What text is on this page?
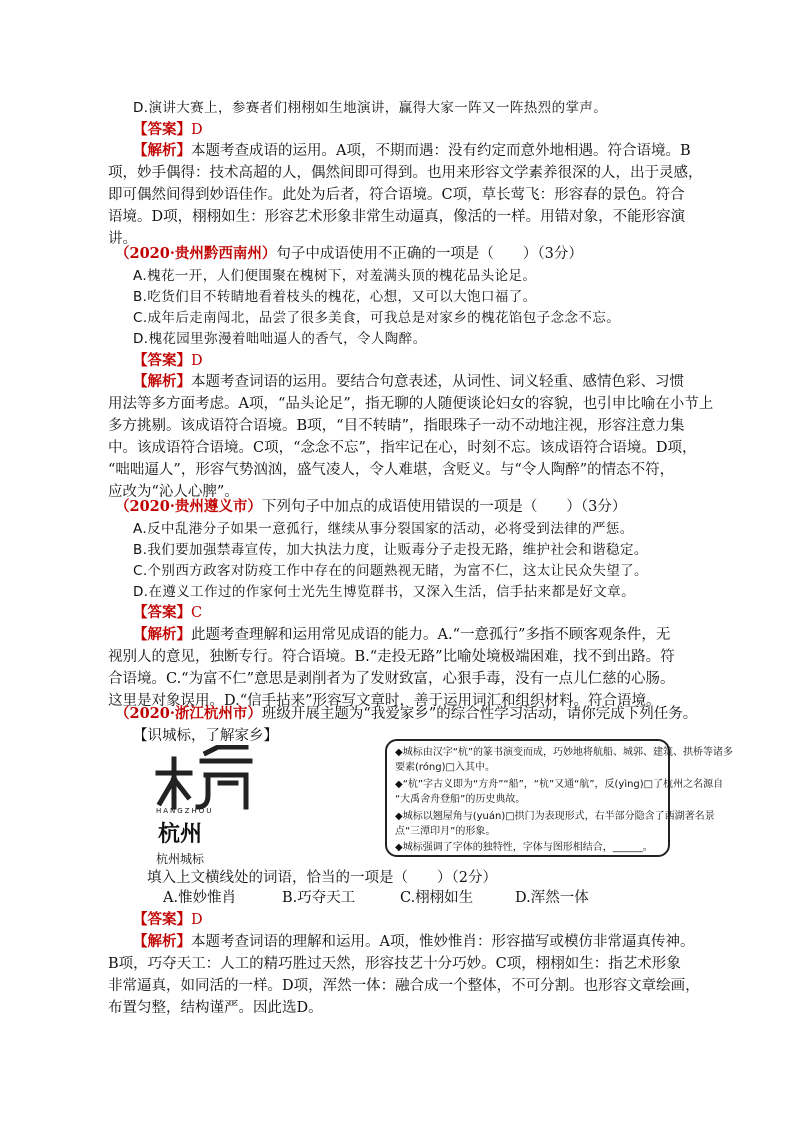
D.演讲大赛上，参赛者们栩栩如生地演讲，赢得大家一阵又一阵热烈的掌声。
【答案】D
【解析】本题考查成语的运用。A项，不期而遇：没有约定而意外地相遇。符合语境。B
项，妙手偶得：技术高超的人，偶然间即可得到。也用来形容文学素养很深的人，出于灵感，
即可偶然间得到妙语佳作。此处为后者，符合语境。C项，草长莺飞：形容春的景色。符合
语境。D项，栩栩如生：形容艺术形象非常生动逼真，像活的一样。用错对象，不能形容演
讲。
（2020·贵州黔西南州）句子中成语使用不正确的一项是（　　）（3分）
A.槐花一开，人们便围聚在槐树下，对羞满头顶的槐花品头论足。
B.吃货们目不转睛地看着枝头的槐花，心想，又可以大饱口福了。
C.成年后走南闯北，品尝了很多美食，可我总是对家乡的槐花馅包子念念不忘。
D.槐花园里弥漫着咄咄逼人的香气，令人陶醉。
【答案】D
【解析】本题考查词语的运用。要结合句意表述，从词性、词义轻重、感情色彩、习惯
用法等多方面考虑。A项，“品头论足”，指无聊的人随便谈论妇女的容貌，也引申比喻在小节上
多方挑剔。该成语符合语境。B项，“目不转睛”，指眼珠子一动不动地注视，形容注意力集
中。该成语符合语境。C项，“念念不忘”，指牢记在心，时刻不忘。该成语符合语境。D项，
“咄咄逼人”，形容气势汹汹，盛气凌人，令人难堪，含贬义。与“令人陶醉”的情态不符，
应改为“沁人心脾”。
（2020·贵州遵义市）下列句子中加点的成语使用错误的一项是（　　）（3分）
A.反中乱港分子如果一意孤行，继续从事分裂国家的活动，必将受到法律的严惩。
B.我们要加强禁毒宣传，加大执法力度，让贩毒分子走投无路，维护社会和谐稳定。
C.个别西方政客对防疫工作中存在的问题熟视无睹，为富不仁，这太让民众失望了。
D.在遵义工作过的作家何士光先生博览群书，又深入生活，信手拈来都是好文章。
【答案】C
【解析】此题考查理解和运用常见成语的能力。A.“一意孤行”多指不顾客观条件，无
视别人的意见，独断专行。符合语境。B.“走投无路”比喻处境极端困难，找不到出路。符
合语境。C.“为富不仁”意思是剥削者为了发财致富，心狠手毒，没有一点儿仁慈的心肠。
这里是对象误用。D.“信手拈来”形容写文章时，善于运用词汇和组织材料。符合语境。
（2020·浙江杭州市）班级开展主题为“我爱家乡”的综合性学习活动，请你完成下列任务。
【识城标，了解家乡】
HANGZHOU
杭州
杭州城标
◆城标由汉字“杭”的篆书演变而成，巧妙地将航船、城郭、建筑、拱桥等诸多
要素(róng)□入其中。
◆“杭”字古义即为“方舟”“船”，“杭”又通“航”，反(yìng)□了杭州之名源自
“大禹舍舟登船”的历史典故。
◆城标以翘屋角与(yuán)□拱门为表现形式，右半部分隐含了西湖著名景
点“三潭印月”的形象。
◆城标强调了字体的独特性，字体与图形相结合，______。
填入上文横线处的词语，恰当的一项是（　　）（2分）
A.惟妙惟肖	B.巧夺天工	C.栩栩如生	D.浑然一体
【答案】D
【解析】本题考查词语的理解和运用。A项，惟妙惟肖：形容描写或模仿非常逼真传神。
B项，巧夺天工：人工的精巧胜过天然，形容技艺十分巧妙。C项，栩栩如生：指艺术形象
非常逼真，如同活的一样。D项，浑然一体：融合成一个整体，不可分割。也形容文章绘画，
布置匀整，结构谨严。因此选D。
